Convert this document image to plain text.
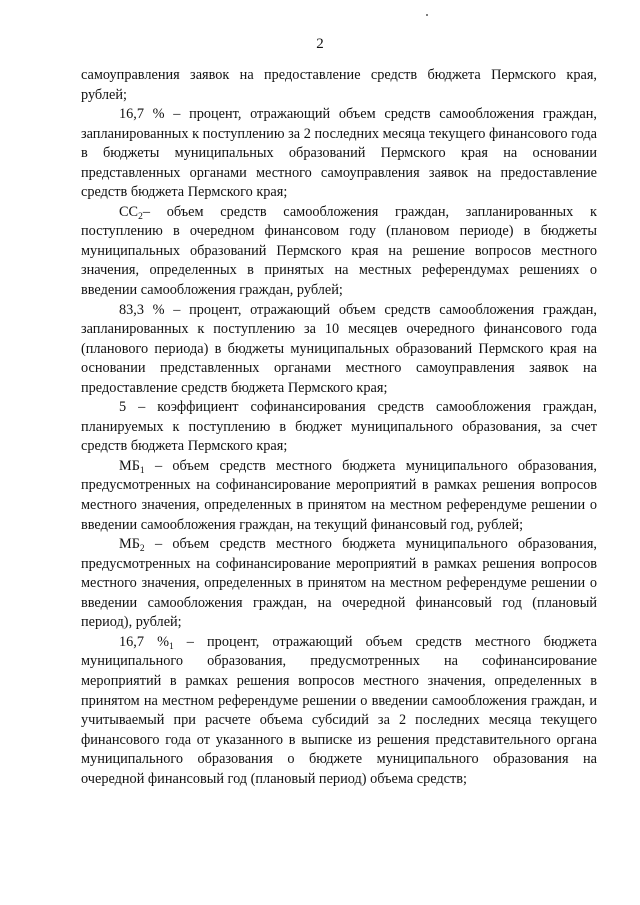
2

самоуправления заявок на предоставление средств бюджета Пермского края, рублей;

16,7 % – процент, отражающий объем средств самообложения граждан, запланированных к поступлению за 2 последних месяца текущего финансового года в бюджеты муниципальных образований Пермского края на основании представленных органами местного самоуправления заявок на предоставление средств бюджета Пермского края;

$СС_2-$ объем средств самообложения граждан, запланированных к поступлению в очередном финансовом году (плановом периоде) в бюджеты муниципальных образований Пермского края на решение вопросов местного значения, определенных в принятых на местных референдумах решениях о введении самообложения граждан, рублей;

83,3 % – процент, отражающий объем средств самообложения граждан, запланированных к поступлению за 10 месяцев очередного финансового года (планового периода) в бюджеты муниципальных образований Пермского края на основании представленных органами местного самоуправления заявок на предоставление средств бюджета Пермского края;

5 – коэффициент софинансирования средств самообложения граждан, планируемых к поступлению в бюджет муниципального образования, за счет средств бюджета Пермского края;

$МБ_1$ – объем средств местного бюджета муниципального образования, предусмотренных на софинансирование мероприятий в рамках решения вопросов местного значения, определенных в принятом на местном референдуме решении о введении самообложения граждан, на текущий финансовый год, рублей;

$МБ_2$ – объем средств местного бюджета муниципального образования, предусмотренных на софинансирование мероприятий в рамках решения вопросов местного значения, определенных в принятом на местном референдуме решении о введении самообложения граждан, на очередной финансовый год (плановый период), рублей;

16,7 $\%_1$ – процент, отражающий объем средств местного бюджета муниципального образования, предусмотренных на софинансирование мероприятий в рамках решения вопросов местного значения, определенных в принятом на местном референдуме решении о введении самообложения граждан, и учитываемый при расчете объема субсидий за 2 последних месяца текущего финансового года от указанного в выписке из решения представительного органа муниципального образования о бюджете муниципального образования на очередной финансовый год (плановый период) объема средств;
